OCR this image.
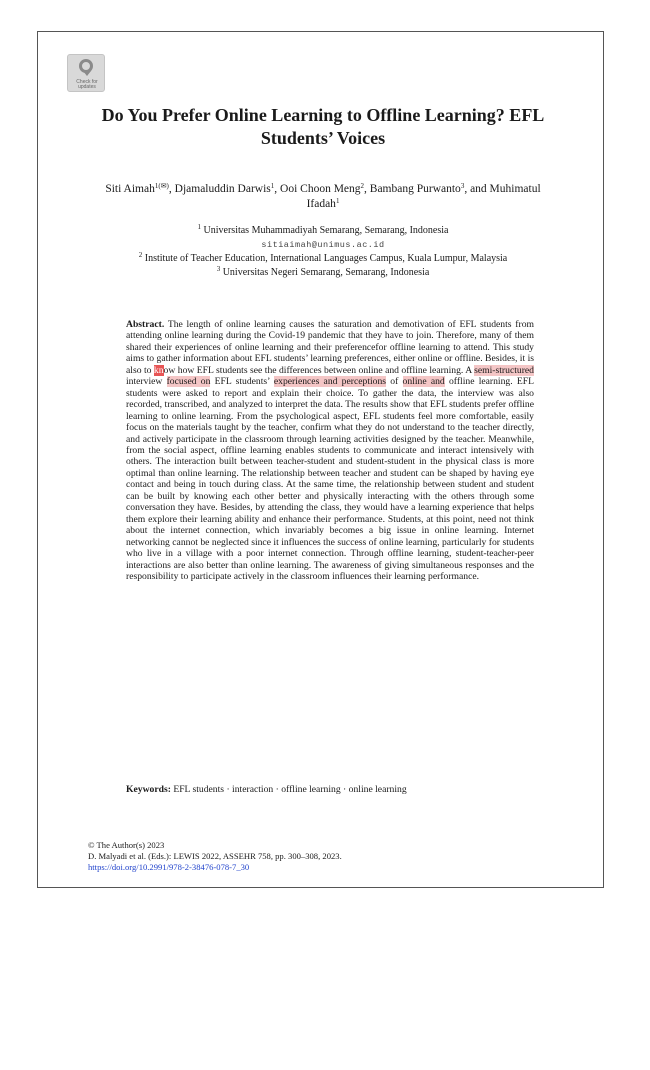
Check for updates
Do You Prefer Online Learning to Offline Learning? EFL Students’ Voices
Siti Aimah$^{1(✉)}$, Djamaluddin Darwis$^1$, Ooi Choon Meng$^2$, Bambang Purwanto$^3$, and Muhimatul Ifadah$^1$
$^1$ Universitas Muhammadiyah Semarang, Semarang, Indonesia
sitiaimah@unimus.ac.id
$^2$ Institute of Teacher Education, International Languages Campus, Kuala Lumpur, Malaysia
$^3$ Universitas Negeri Semarang, Semarang, Indonesia
Abstract. The length of online learning causes the saturation and demotivation of EFL students from attending online learning during the Covid-19 pandemic that they have to join. Therefore, many of them shared their experiences of online learning and their preferencefor offline learning to attend. This study aims to gather information about EFL students’ learning preferences, either online or offline. Besides, it is also to know how EFL students see the differences between online and offline learning. A semi-structured interview focused on EFL students’ experiences and perceptions of online and offline learning. EFL students were asked to report and explain their choice. To gather the data, the interview was also recorded, transcribed, and analyzed to interpret the data. The results show that EFL students prefer offline learning to online learning. From the psychological aspect, EFL students feel more comfortable, easily focus on the materials taught by the teacher, confirm what they do not understand to the teacher directly, and actively participate in the classroom through learning activities designed by the teacher. Meanwhile, from the social aspect, offline learning enables students to communicate and interact intensively with others. The interaction built between teacher-student and student-student in the physical class is more optimal than online learning. The relationship between teacher and student can be shaped by having eye contact and being in touch during class. At the same time, the relationship between student and student can be built by knowing each other better and physically interacting with the others through some conversation they have. Besides, by attending the class, they would have a learning experience that helps them explore their learning ability and enhance their performance. Students, at this point, need not think about the internet connection, which invariably becomes a big issue in online learning. Internet networking cannot be neglected since it influences the success of online learning, particularly for students who live in a village with a poor internet connection. Through offline learning, student-teacher-peer interactions are also better than online learning. The awareness of giving simultaneous responses and the responsibility to participate actively in the classroom influences their learning performance.
Keywords: EFL students · interaction · offline learning · online learning
© The Author(s) 2023
D. Malyadi et al. (Eds.): LEWIS 2022, ASSEHR 758, pp. 300–308, 2023.
https://doi.org/10.2991/978-2-38476-078-7_30
